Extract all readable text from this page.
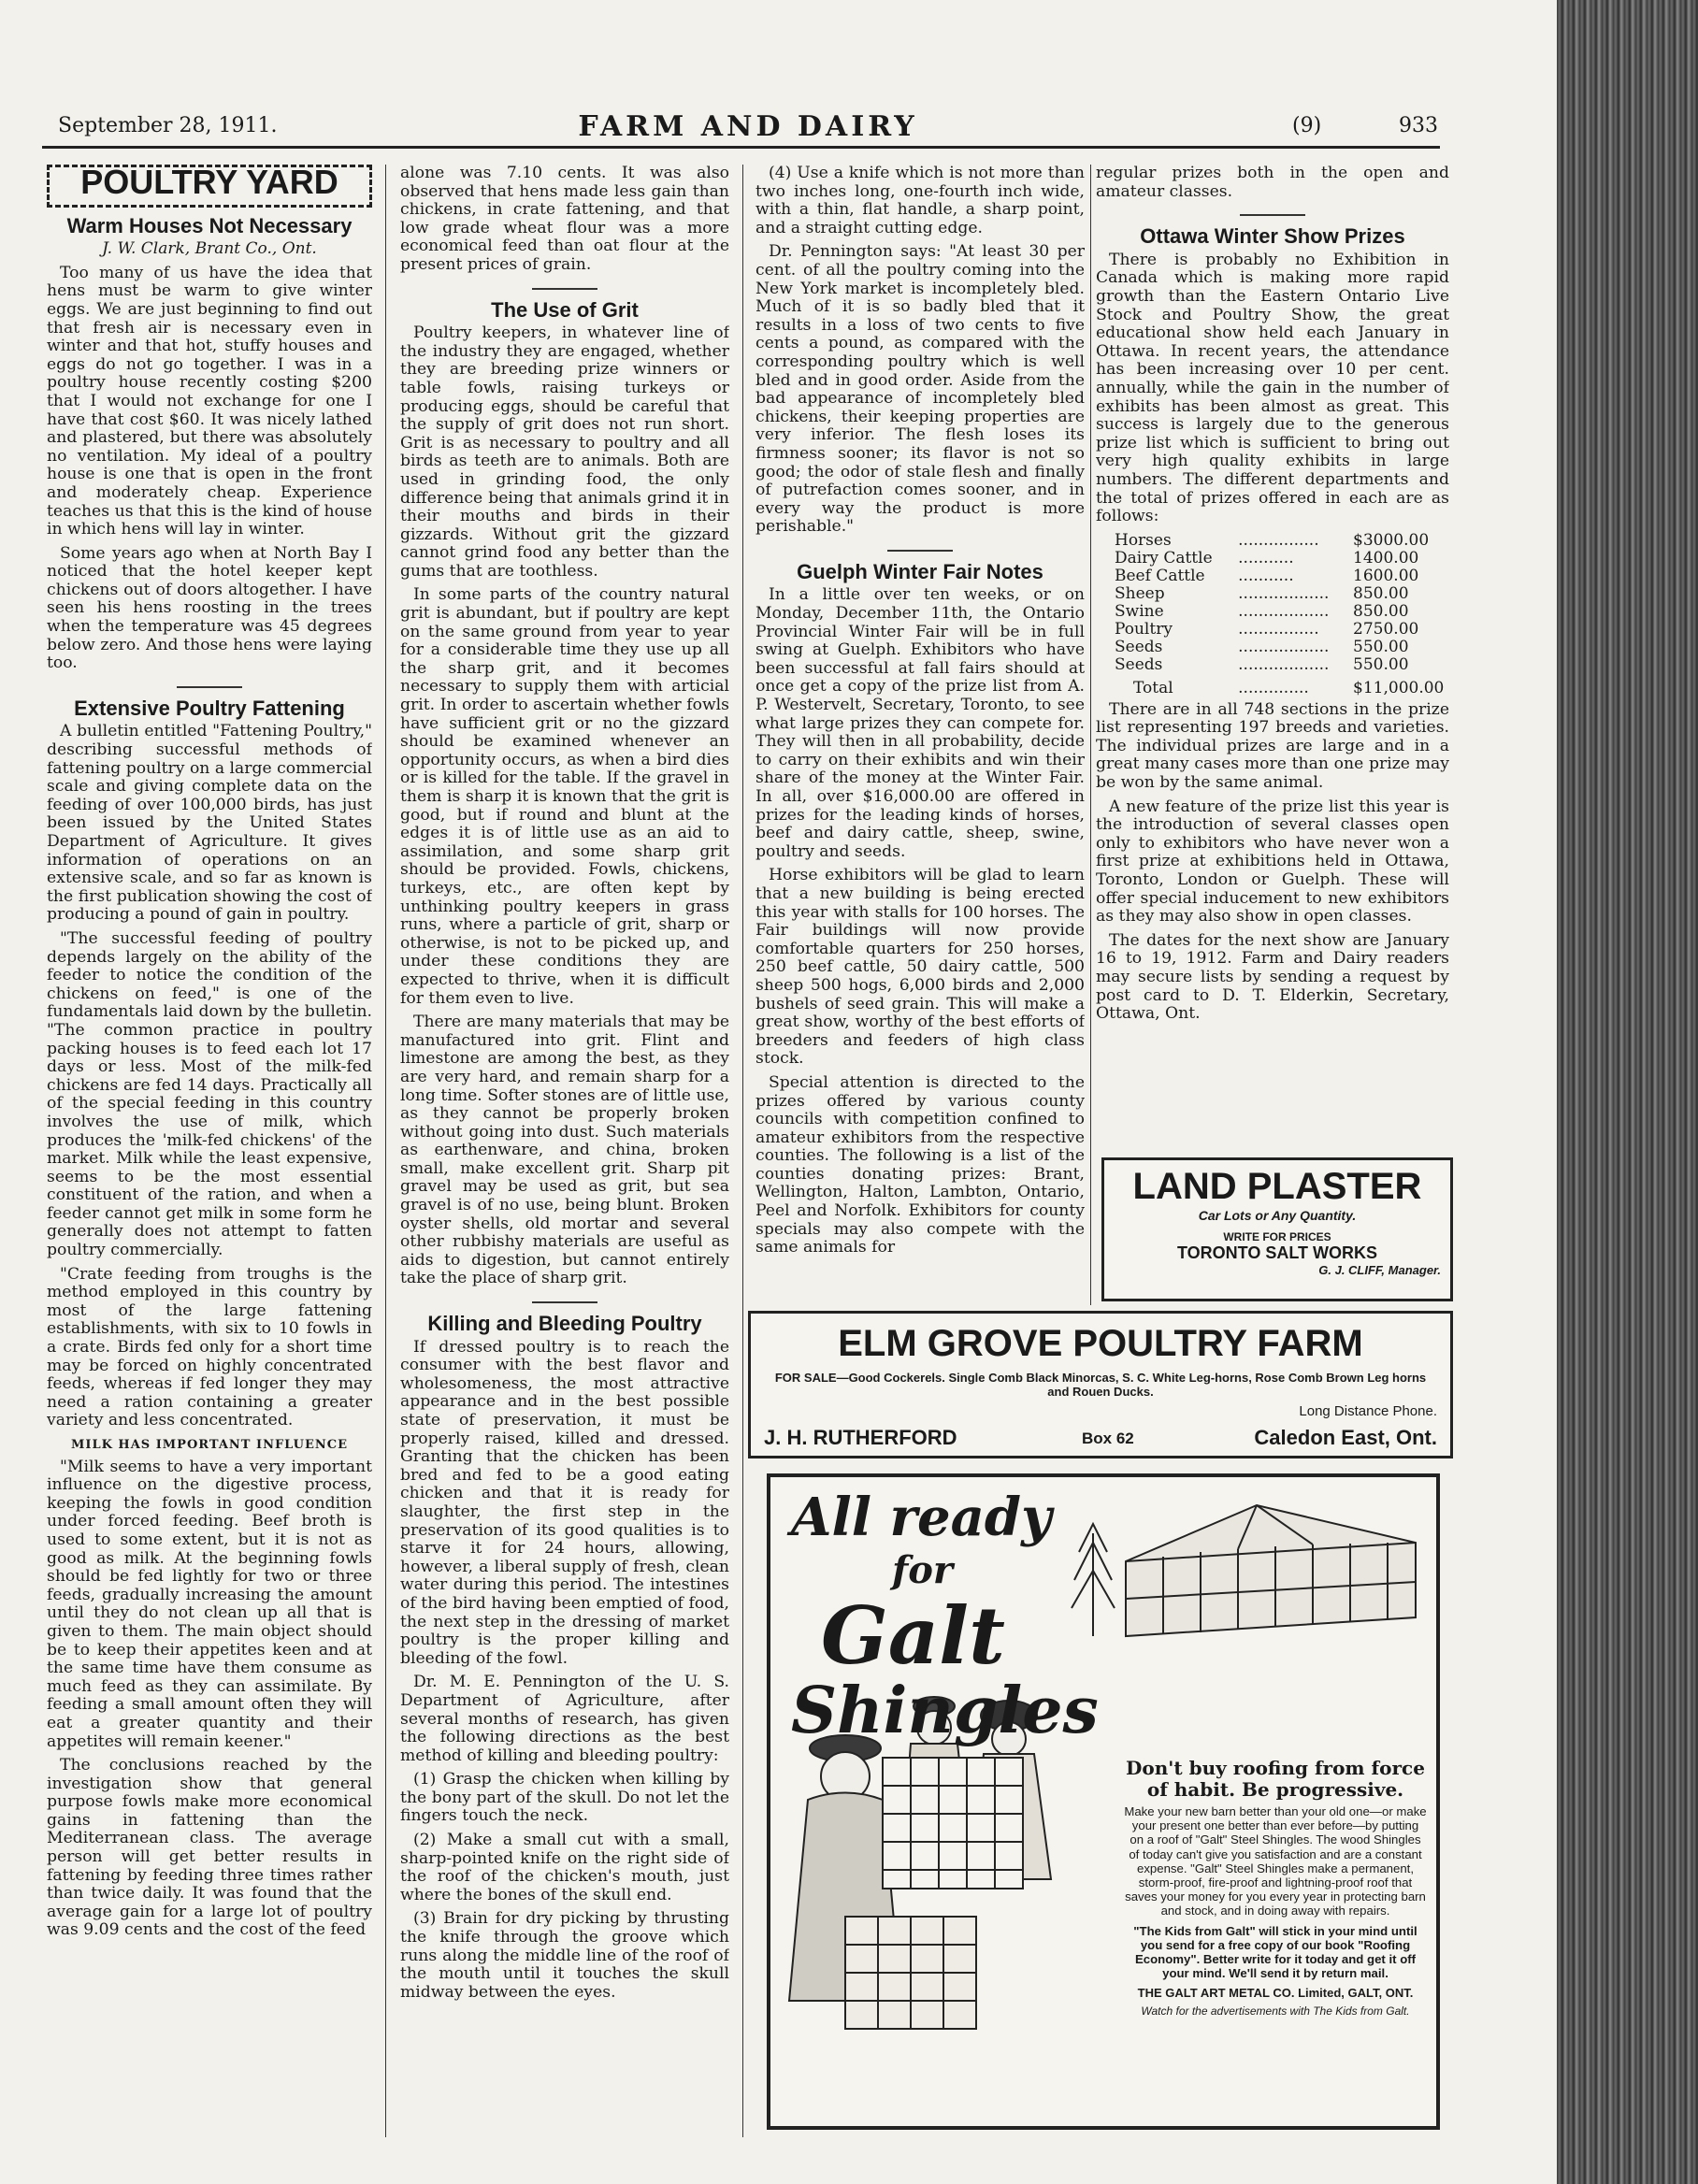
September 28, 1911.	FARM AND DAIRY	(9)	933
POULTRY YARD
Warm Houses Not Necessary
J. W. Clark, Brant Co., Ont.

Too many of us have the idea that hens must be warm to give winter eggs. We are just beginning to find out that fresh air is necessary even in winter and that hot, stuffy houses and eggs do not go together. I was in a poultry house recently costing $200 that I would not exchange for one I have that cost $60. It was nicely lathed and plastered, but there was absolutely no ventilation. My ideal of a poultry house is one that is open in the front and moderately cheap. Experience teaches us that this is the kind of house in which hens will lay in winter.

Some years ago when at North Bay I noticed that the hotel keeper kept chickens out of doors altogether. I have seen his hens roosting in the trees when the temperature was 45 degrees below zero. And those hens were laying too.

Extensive Poultry Fattening

A bulletin entitled "Fattening Poultry," describing successful methods of fattening poultry on a large commercial scale and giving complete data on the feeding of over 100,000 birds, has just been issued by the United States Department of Agriculture. It gives information of operations on an extensive scale, and so far as known is the first publication showing the cost of producing a pound of gain in poultry.

"The successful feeding of poultry depends largely on the ability of the feeder to notice the condition of the chickens on feed," is one of the fundamentals laid down by the bulletin. "The common practice in poultry packing houses is to feed each lot 17 days or less. Most of the milk-fed chickens are fed 14 days. Practically all of the special feeding in this country involves the use of milk, which produces the 'milk-fed chickens' of the market. Milk while the least expensive, seems to be the most essential constituent of the ration, and when a feeder cannot get milk in some form he generally does not attempt to fatten poultry commercially.

"Crate feeding from troughs is the method employed in this country by most of the large fattening establishments, with six to 10 fowls in a crate. Birds fed only for a short time may be forced on highly concentrated feeds, whereas if fed longer they may need a ration containing a greater variety and less concentrated.

MILK HAS IMPORTANT INFLUENCE

"Milk seems to have a very important influence on the digestive process, keeping the fowls in good condition under forced feeding. Beef broth is used to some extent, but it is not as good as milk. At the beginning fowls should be fed lightly for two or three feeds, gradually increasing the amount until they do not clean up all that is given to them. The main object should be to keep their appetites keen and at the same time have them consume as much feed as they can assimilate. By feeding a small amount often they will eat a greater quantity and their appetites will remain keener."

The conclusions reached by the investigation show that general purpose fowls make more economical gains in fattening than the Mediterranean class. The average person will get better results in fattening by feeding three times rather than twice daily. It was found that the average gain for a large lot of poultry was 9.09 cents and the cost of the feed

alone was 7.10 cents. It was also observed that hens made less gain than chickens, in crate fattening, and that low grade wheat flour was a more economical feed than oat flour at the present prices of grain.

The Use of Grit

Poultry keepers, in whatever line of the industry they are engaged, whether they are breeding prize winners or table fowls, raising turkeys or producing eggs, should be careful that the supply of grit does not run short. Grit is as necessary to poultry and all birds as teeth are to animals. Both are used in grinding food, the only difference being that animals grind it in their mouths and birds in their gizzards. Without grit the gizzard cannot grind food any better than the gums that are toothless.

In some parts of the country natural grit is abundant, but if poultry are kept on the same ground from year to year for a considerable time they use up all the sharp grit, and it becomes necessary to supply them with articial grit. In order to ascertain whether fowls have sufficient grit or no the gizzard should be examined whenever an opportunity occurs, as when a bird dies or is killed for the table. If the gravel in them is sharp it is known that the grit is good, but if round and blunt at the edges it is of little use as an aid to assimilation, and some sharp grit should be provided. Fowls, chickens, turkeys, etc., are often kept by unthinking poultry keepers in grass runs, where a particle of grit, sharp or otherwise, is not to be picked up, and under these conditions they are expected to thrive, when it is difficult for them even to live.

There are many materials that may be manufactured into grit. Flint and limestone are among the best, as they are very hard, and remain sharp for a long time. Softer stones are of little use, as they cannot be properly broken without going into dust. Such materials as earthenware, and china, broken small, make excellent grit. Sharp pit gravel may be used as grit, but sea gravel is of no use, being blunt. Broken oyster shells, old mortar and several other rubbishy materials are useful as aids to digestion, but cannot entirely take the place of sharp grit.

Killing and Bleeding Poultry

If dressed poultry is to reach the consumer with the best flavor and wholesomeness, the most attractive appearance and in the best possible state of preservation, it must be properly raised, killed and dressed. Granting that the chicken has been bred and fed to be a good eating chicken and that it is ready for slaughter, the first step in the preservation of its good qualities is to starve it for 24 hours, allowing, however, a liberal supply of fresh, clean water during this period. The intestines of the bird having been emptied of food, the next step in the dressing of market poultry is the proper killing and bleeding of the fowl.

Dr. M. E. Pennington of the U. S. Department of Agriculture, after several months of research, has given the following directions as the best method of killing and bleeding poultry:

(1) Grasp the chicken when killing by the bony part of the skull. Do not let the fingers touch the neck.

(2) Make a small cut with a small, sharp-pointed knife on the right side of the roof of the chicken's mouth, just where the bones of the skull end.

(3) Brain for dry picking by thrusting the knife through the groove which runs along the middle line of the roof of the mouth until it touches the skull midway between the eyes.

(4) Use a knife which is not more than two inches long, one-fourth inch wide, with a thin, flat handle, a sharp point, and a straight cutting edge.

Dr. Pennington says: "At least 30 per cent. of all the poultry coming into the New York market is incompletely bled. Much of it is so badly bled that it results in a loss of two cents to five cents a pound, as compared with the corresponding poultry which is well bled and in good order. Aside from the bad appearance of incompletely bled chickens, their keeping properties are very inferior. The flesh loses its firmness sooner; its flavor is not so good; the odor of stale flesh and finally of putrefaction comes sooner, and in every way the product is more perishable."

Guelph Winter Fair Notes

In a little over ten weeks, or on Monday, December 11th, the Ontario Provincial Winter Fair will be in full swing at Guelph. Exhibitors who have been successful at fall fairs should at once get a copy of the prize list from A. P. Westervelt, Secretary, Toronto, to see what large prizes they can compete for. They will then in all probability, decide to carry on their exhibits and win their share of the money at the Winter Fair. In all, over $16,000.00 are offered in prizes for the leading kinds of horses, beef and dairy cattle, sheep, swine, poultry and seeds.

Horse exhibitors will be glad to learn that a new building is being erected this year with stalls for 100 horses. The Fair buildings will now provide comfortable quarters for 250 horses, 250 beef cattle, 50 dairy cattle, 500 sheep 500 hogs, 6,000 birds and 2,000 bushels of seed grain. This will make a great show, worthy of the best efforts of breeders and feeders of high class stock.

Special attention is directed to the prizes offered by various county councils with competition confined to amateur exhibitors from the respective counties. The following is a list of the counties donating prizes: Brant, Wellington, Halton, Lambton, Ontario, Peel and Norfolk. Exhibitors for county specials may also compete with the same animals for

regular prizes both in the open and amateur classes.

Ottawa Winter Show Prizes

There is probably no Exhibition in Canada which is making more rapid growth than the Eastern Ontario Live Stock and Poultry Show, the great educational show held each January in Ottawa. In recent years, the attendance has been increasing over 10 per cent. annually, while the gain in the number of exhibits has been almost as great. This success is largely due to the generous prize list which is sufficient to bring out very high quality exhibits in large numbers. The different departments and the total of prizes offered in each are as follows:

Horses	................	$3000.00
Dairy Cattle	...........	1400.00
Beef Cattle	...........	1600.00
Sheep	..................	850.00
Swine	..................	850.00
Poultry	................	2750.00
Seeds	..................	550.00
Seeds	..................	550.00
Total	..............	$11,000.00

There are in all 748 sections in the prize list representing 197 breeds and varieties. The individual prizes are large and in a great many cases more than one prize may be won by the same animal.

A new feature of the prize list this year is the introduction of several classes open only to exhibitors who have never won a first prize at exhibitions held in Ottawa, Toronto, London or Guelph. These will offer special inducement to new exhibitors as they may also show in open classes.

The dates for the next show are January 16 to 19, 1912. Farm and Dairy readers may secure lists by sending a request by post card to D. T. Elderkin, Secretary, Ottawa, Ont.

LAND PLASTER
Car Lots or Any Quantity.
WRITE FOR PRICES
TORONTO SALT WORKS
G. J. CLIFF, Manager.
ELM GROVE POULTRY FARM
FOR SALE—Good Cockerels. Single Comb Black Minorcas, S. C. White Leg-horns, Rose Comb Brown Leg horns and Rouen Ducks.
Long Distance Phone.
J. H. RUTHERFORD	Box 62	Caledon East, Ont.
All ready
for
Galt
Shingles
Don't buy roofing from force of habit. Be progressive.
Make your new barn better than your old one—or make your present one better than ever before—by putting on a roof of "Galt" Steel Shingles. The wood Shingles of today can't give you satisfaction and are a constant expense. "Galt" Steel Shingles make a permanent, storm-proof, fire-proof and lightning-proof roof that saves your money for you every year in protecting barn and stock, and in doing away with repairs.
"The Kids from Galt" will stick in your mind until you send for a free copy of our book "Roofing Economy". Better write for it today and get it off your mind. We'll send it by return mail.
THE GALT ART METAL CO. Limited, GALT, ONT.
Watch for the advertisements with The Kids from Galt.
